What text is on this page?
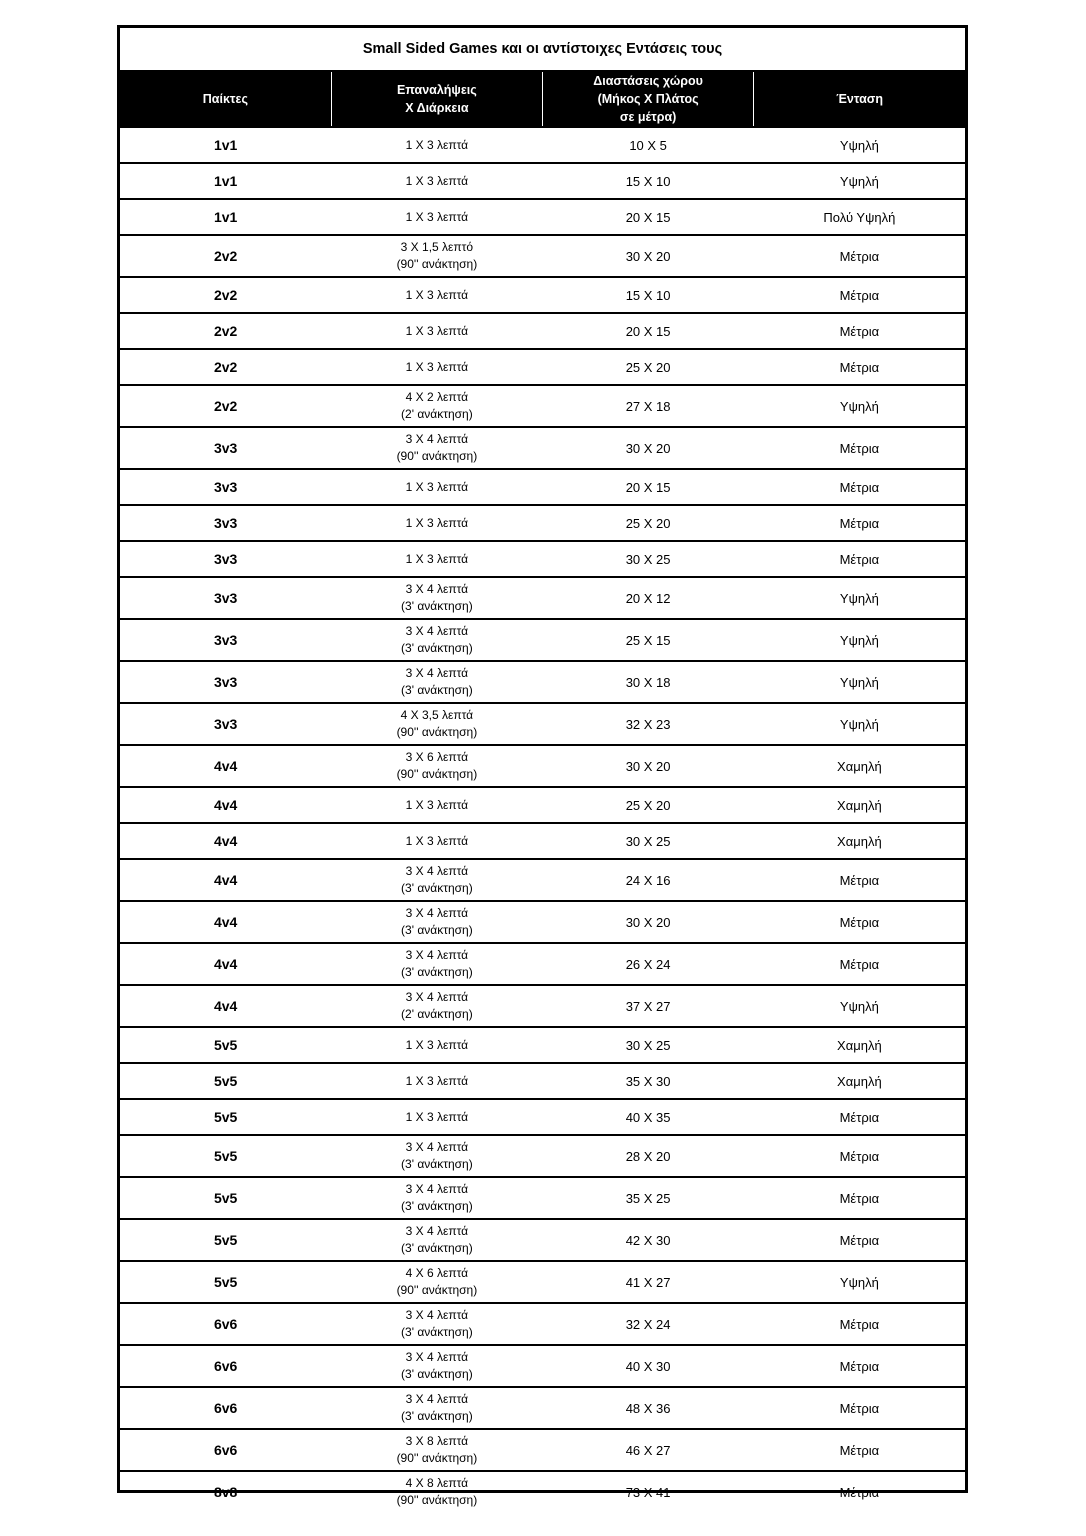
Small Sided Games και οι αντίστοιχες Εντάσεις τους			
Παίκτες	Επαναλήψεις
Χ Διάρκεια	Διαστάσεις χώρου
(Μήκος Χ Πλάτος
σε μέτρα)	Ένταση
1v1	1 Χ 3 λεπτά	10 Χ 5	Υψηλή
1v1	1 Χ 3 λεπτά	15 Χ 10	Υψηλή
1v1	1 Χ 3 λεπτά	20 Χ 15	Πολύ Υψηλή
2v2	3 Χ 1,5 λεπτό
(90'' ανάκτηση)	30 Χ 20	Μέτρια
2v2	1 Χ 3 λεπτά	15 Χ 10	Μέτρια
2v2	1 Χ 3 λεπτά	20 Χ 15	Μέτρια
2v2	1 Χ 3 λεπτά	25 Χ 20	Μέτρια
2v2	4 Χ 2 λεπτά
(2' ανάκτηση)	27 Χ 18	Υψηλή
3v3	3 Χ 4 λεπτά
(90'' ανάκτηση)	30 Χ 20	Μέτρια
3v3	1 Χ 3 λεπτά	20 Χ 15	Μέτρια
3v3	1 Χ 3 λεπτά	25 Χ 20	Μέτρια
3v3	1 Χ 3 λεπτά	30 Χ 25	Μέτρια
3v3	3 Χ 4 λεπτά
(3' ανάκτηση)	20 Χ 12	Υψηλή
3v3	3 Χ 4 λεπτά
(3' ανάκτηση)	25 Χ 15	Υψηλή
3v3	3 Χ 4 λεπτά
(3' ανάκτηση)	30 Χ 18	Υψηλή
3v3	4 Χ 3,5 λεπτά
(90'' ανάκτηση)	32 Χ 23	Υψηλή
4v4	3 Χ 6 λεπτά
(90'' ανάκτηση)	30 Χ 20	Χαμηλή
4v4	1 Χ 3 λεπτά	25 Χ 20	Χαμηλή
4v4	1 Χ 3 λεπτά	30 Χ 25	Χαμηλή
4v4	3 Χ 4 λεπτά
(3' ανάκτηση)	24 Χ 16	Μέτρια
4v4	3 Χ 4 λεπτά
(3' ανάκτηση)	30 Χ 20	Μέτρια
4v4	3 Χ 4 λεπτά
(3' ανάκτηση)	26 Χ 24	Μέτρια
4v4	3 Χ 4 λεπτά
(2' ανάκτηση)	37 Χ 27	Υψηλή
5v5	1 Χ 3 λεπτά	30 Χ 25	Χαμηλή
5v5	1 Χ 3 λεπτά	35 Χ 30	Χαμηλή
5v5	1 Χ 3 λεπτά	40 Χ 35	Μέτρια
5v5	3 Χ 4 λεπτά
(3' ανάκτηση)	28 Χ 20	Μέτρια
5v5	3 Χ 4 λεπτά
(3' ανάκτηση)	35 Χ 25	Μέτρια
5v5	3 Χ 4 λεπτά
(3' ανάκτηση)	42 Χ 30	Μέτρια
5v5	4 Χ 6 λεπτά
(90'' ανάκτηση)	41 Χ 27	Υψηλή
6v6	3 Χ 4 λεπτά
(3' ανάκτηση)	32 Χ 24	Μέτρια
6v6	3 Χ 4 λεπτά
(3' ανάκτηση)	40 Χ 30	Μέτρια
6v6	3 Χ 4 λεπτά
(3' ανάκτηση)	48 Χ 36	Μέτρια
6v6	3 Χ 8 λεπτά
(90'' ανάκτηση)	46 Χ 27	Μέτρια
8v8	4 Χ 8 λεπτά
(90'' ανάκτηση)	73 Χ 41	Μέτρια
